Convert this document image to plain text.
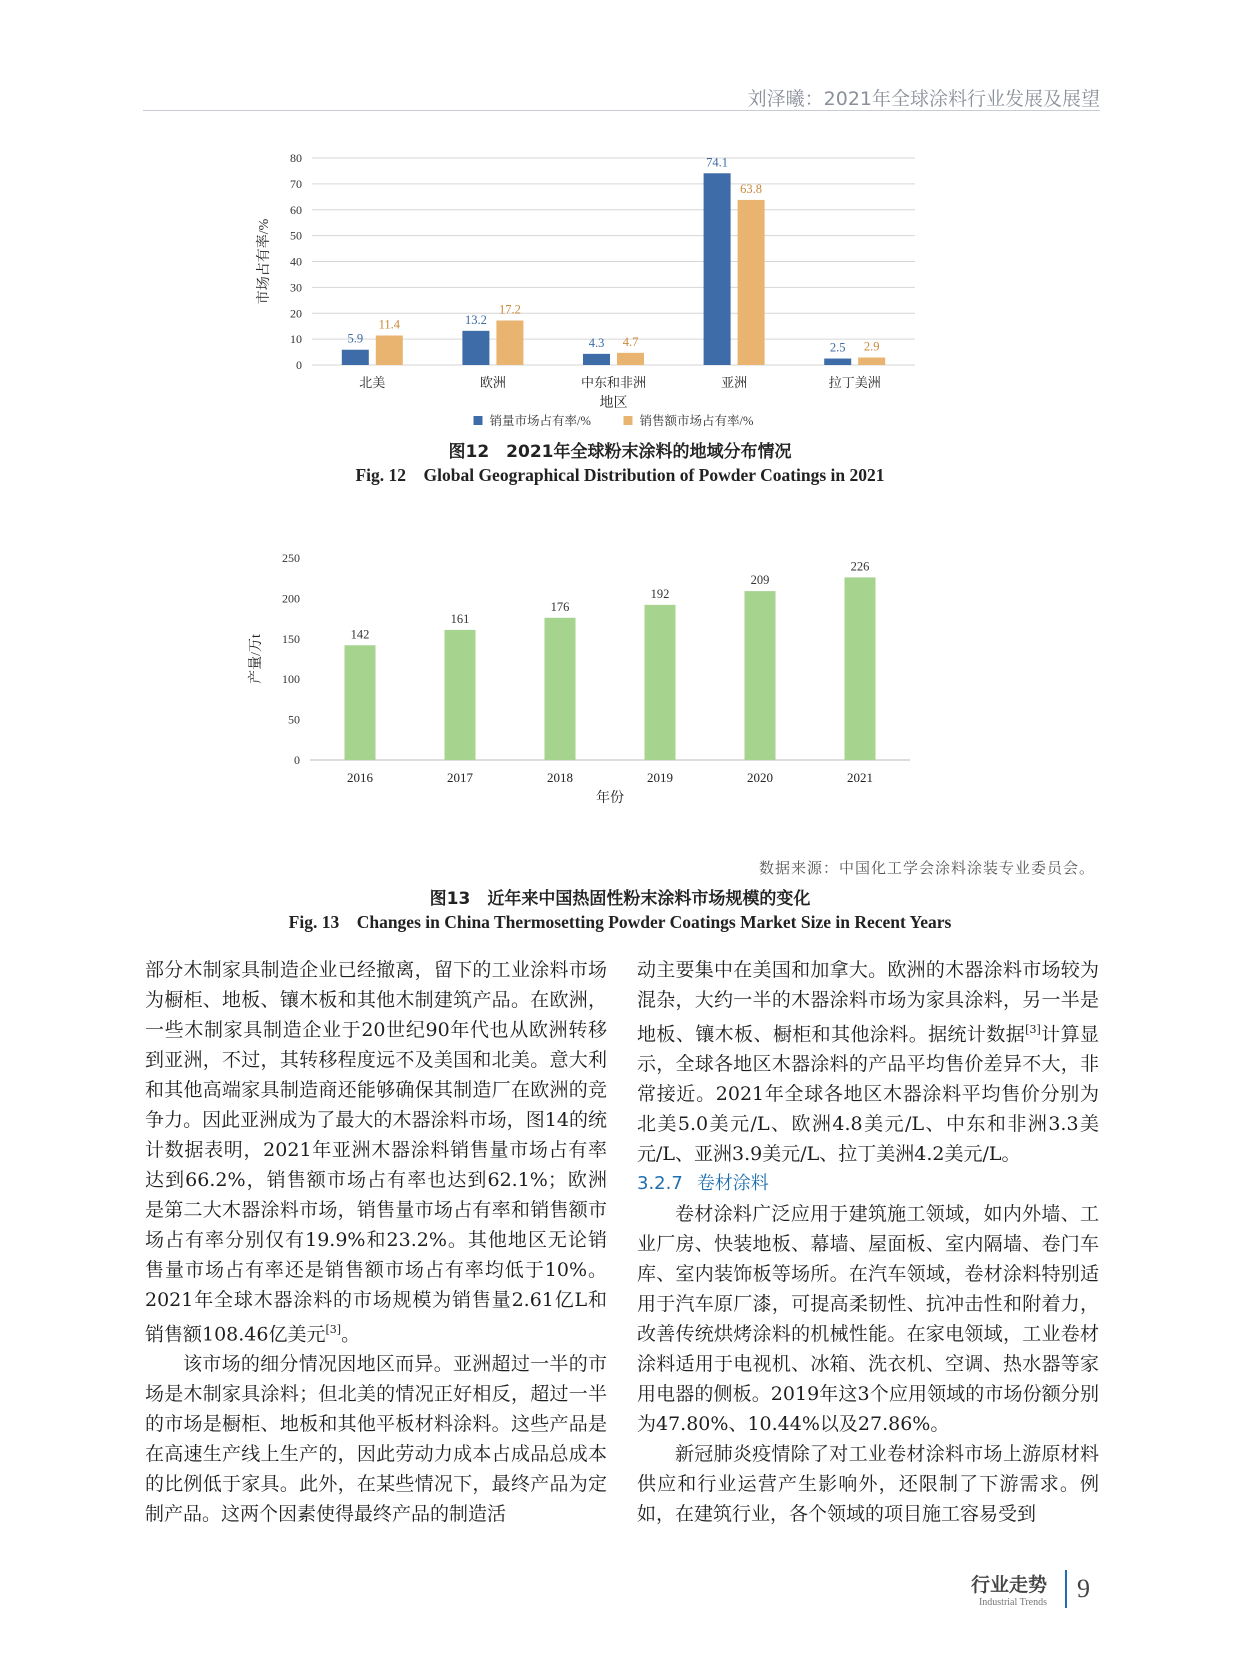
刘泽曦：2021年全球涂料行业发展及展望
0
10
20
30
40
50
60
70
80
市场占有率/%
5.9
11.4
北美
13.2
17.2
欧洲
4.3 4.7
中东和非洲
74.1
63.8
亚洲
2.5 2.9
拉丁美洲
地区
销量市场占有率/%	销售额市场占有率/%
图12　2021年全球粉末涂料的地域分布情况
Fig. 12　Global Geographical Distribution of Powder Coatings in 2021
0
50
100
150
200
250
产量/万t	142
2016
161
2017
176
2018
192
2019
209
2020
226
2021
年份
数据来源：中国化工学会涂料涂装专业委员会。
图13　近年来中国热固性粉末涂料市场规模的变化
Fig. 13　Changes in China Thermosetting Powder Coatings Market Size in Recent Years

部分木制家具制造企业已经撤离，留下的工业涂料市场为橱柜、地板、镶木板和其他木制建筑产品。在欧洲，一些木制家具制造企业于20世纪90年代也从欧洲转移到亚洲，不过，其转移程度远不及美国和北美。意大利和其他高端家具制造商还能够确保其制造厂在欧洲的竞争力。因此亚洲成为了最大的木器涂料市场，图14的统计数据表明，2021年亚洲木器涂料销售量市场占有率达到66.2%，销售额市场占有率也达到62.1%；欧洲是第二大木器涂料市场，销售量市场占有率和销售额市场占有率分别仅有19.9%和23.2%。其他地区无论销售量市场占有率还是销售额市场占有率均低于10%。2021年全球木器涂料的市场规模为销售量2.61亿L和销售额108.46亿美元[3]。

该市场的细分情况因地区而异。亚洲超过一半的市场是木制家具涂料；但北美的情况正好相反，超过一半的市场是橱柜、地板和其他平板材料涂料。这些产品是在高速生产线上生产的，因此劳动力成本占成品总成本的比例低于家具。此外，在某些情况下，最终产品为定制产品。这两个因素使得最终产品的制造活

动主要集中在美国和加拿大。欧洲的木器涂料市场较为混杂，大约一半的木器涂料市场为家具涂料，另一半是地板、镶木板、橱柜和其他涂料。据统计数据[3]计算显示，全球各地区木器涂料的产品平均售价差异不大，非常接近。2021年全球各地区木器涂料平均售价分别为北美5.0美元/L、欧洲4.8美元/L、中东和非洲3.3美元/L、亚洲3.9美元/L、拉丁美洲4.2美元/L。

3.2.7 卷材涂料

卷材涂料广泛应用于建筑施工领域，如内外墙、工业厂房、快装地板、幕墙、屋面板、室内隔墙、卷门车库、室内装饰板等场所。在汽车领域，卷材涂料特别适用于汽车原厂漆，可提高柔韧性、抗冲击性和附着力，改善传统烘烤涂料的机械性能。在家电领域，工业卷材涂料适用于电视机、冰箱、洗衣机、空调、热水器等家用电器的侧板。2019年这3个应用领域的市场份额分别为47.80%、10.44%以及27.86%。

新冠肺炎疫情除了对工业卷材涂料市场上游原材料供应和行业运营产生影响外，还限制了下游需求。例如，在建筑行业，各个领域的项目施工容易受到

行业走势
Industrial Trends 9
